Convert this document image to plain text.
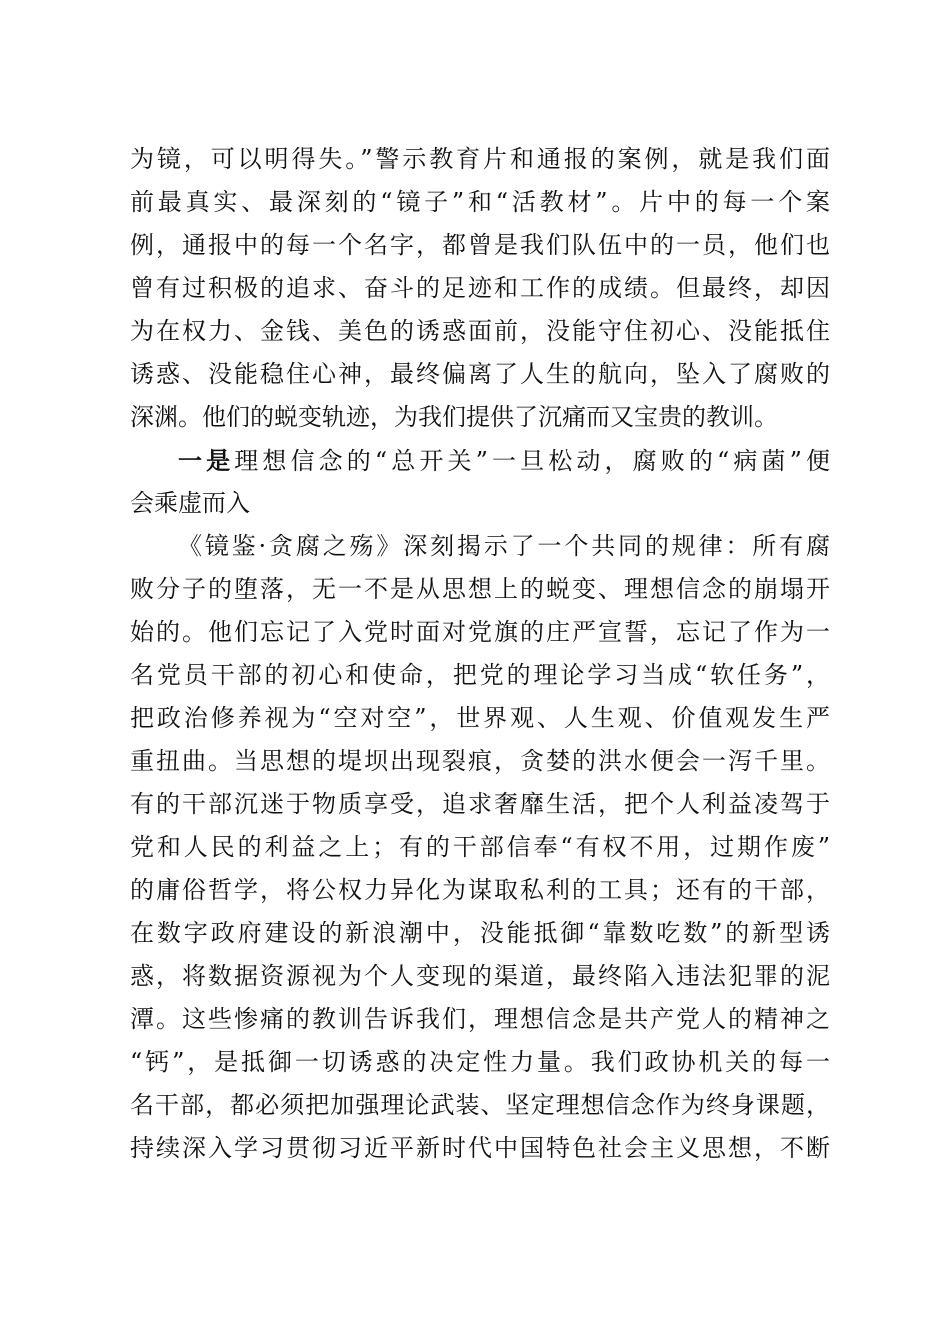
为镜，可以明得失。”警示教育片和通报的案例，就是我们面
前最真实、最深刻的“镜子”和“活教材”。片中的每一个案
例，通报中的每一个名字，都曾是我们队伍中的一员，他们也
曾有过积极的追求、奋斗的足迹和工作的成绩。但最终，却因
为在权力、金钱、美色的诱惑面前，没能守住初心、没能抵住
诱惑、没能稳住心神，最终偏离了人生的航向，坠入了腐败的
深渊。他们的蜕变轨迹，为我们提供了沉痛而又宝贵的教训。
一是理想信念的“总开关”一旦松动，腐败的“病菌”便
会乘虚而入
《镜鉴·贪腐之殇》深刻揭示了一个共同的规律：所有腐
败分子的堕落，无一不是从思想上的蜕变、理想信念的崩塌开
始的。他们忘记了入党时面对党旗的庄严宣誓，忘记了作为一
名党员干部的初心和使命，把党的理论学习当成“软任务”，
把政治修养视为“空对空”，世界观、人生观、价值观发生严
重扭曲。当思想的堤坝出现裂痕，贪婪的洪水便会一泻千里。
有的干部沉迷于物质享受，追求奢靡生活，把个人利益凌驾于
党和人民的利益之上；有的干部信奉“有权不用，过期作废”
的庸俗哲学，将公权力异化为谋取私利的工具；还有的干部，
在数字政府建设的新浪潮中，没能抵御“靠数吃数”的新型诱
惑，将数据资源视为个人变现的渠道，最终陷入违法犯罪的泥
潭。这些惨痛的教训告诉我们，理想信念是共产党人的精神之
“钙”，是抵御一切诱惑的决定性力量。我们政协机关的每一
名干部，都必须把加强理论武装、坚定理想信念作为终身课题，
持续深入学习贯彻习近平新时代中国特色社会主义思想，不断
